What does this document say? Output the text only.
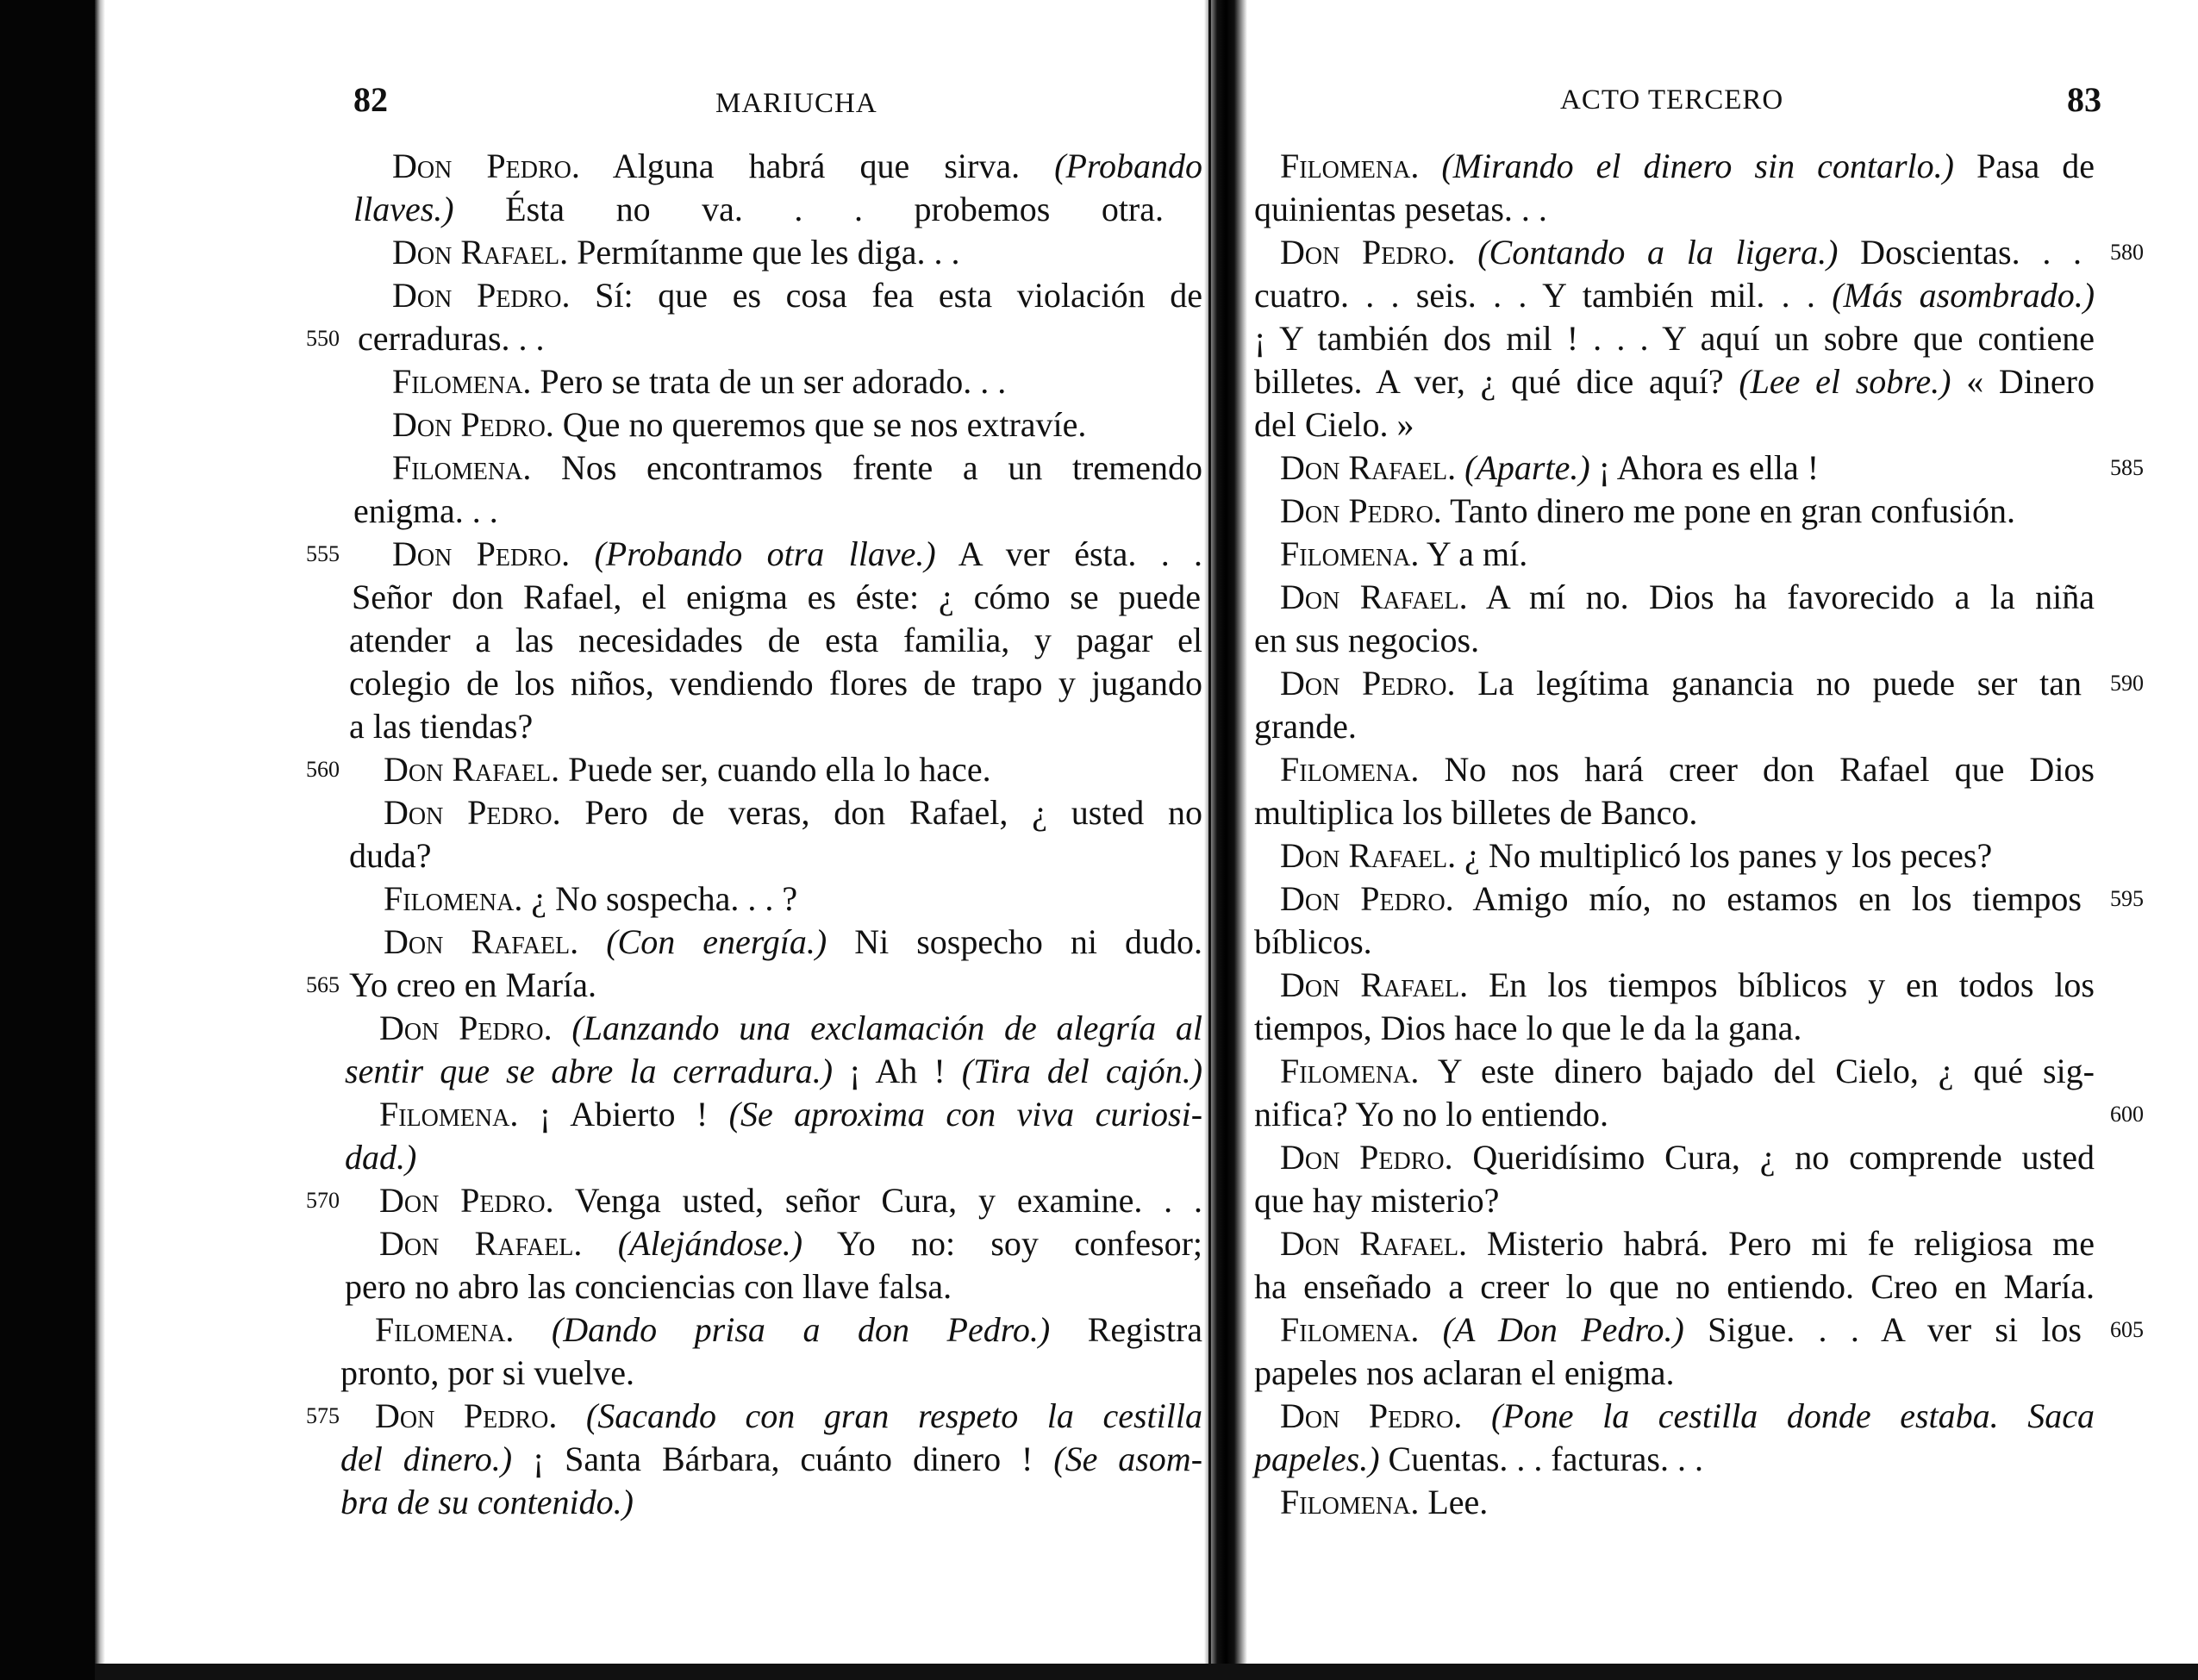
82	MARIUCHA	ACTO TERCERO	83
Don Pedro. Alguna habrá que sirva. (Probando
llaves.) Ésta no va. . . probemos otra.
Don Rafael. Permítanme que les diga. . .
Don Pedro. Sí: que es cosa fea esta violación de
cerraduras. . .
550
Filomena. Pero se trata de un ser adorado. . .
Don Pedro. Que no queremos que se nos extravíe.
Filomena. Nos encontramos frente a un tremendo
enigma. . .
Don Pedro. (Probando otra llave.) A ver ésta. . .
555
Señor don Rafael, el enigma es éste: ¿ cómo se puede
atender a las necesidades de esta familia, y pagar el
colegio de los niños, vendiendo flores de trapo y jugando
a las tiendas?
Don Rafael. Puede ser, cuando ella lo hace.
560
Don Pedro. Pero de veras, don Rafael, ¿ usted no
duda?
Filomena. ¿ No sospecha. . . ?
Don Rafael. (Con energía.) Ni sospecho ni dudo.
Yo creo en María.
565
Don Pedro. (Lanzando una exclamación de alegría al
sentir que se abre la cerradura.) ¡ Ah ! (Tira del cajón.)
Filomena. ¡ Abierto ! (Se aproxima con viva curiosi-
dad.)
Don Pedro. Venga usted, señor Cura, y examine. . .
570
Don Rafael. (Alejándose.) Yo no: soy confesor;
pero no abro las conciencias con llave falsa.
Filomena. (Dando prisa a don Pedro.) Registra
pronto, por si vuelve.
Don Pedro. (Sacando con gran respeto la cestilla
575
del dinero.) ¡ Santa Bárbara, cuánto dinero ! (Se asom-
bra de su contenido.)
Filomena. (Mirando el dinero sin contarlo.) Pasa de
quinientas pesetas. . .
Don Pedro. (Contando a la ligera.) Doscientas. . . 580
cuatro. . . seis. . . Y también mil. . . (Más asombrado.)
¡ Y también dos mil ! . . . Y aquí un sobre que contiene
billetes. A ver, ¿ qué dice aquí? (Lee el sobre.) « Dinero
del Cielo. »
Don Rafael. (Aparte.) ¡ Ahora es ella !	585
Don Pedro. Tanto dinero me pone en gran confusión.
Filomena. Y a mí.
Don Rafael. A mí no. Dios ha favorecido a la niña
en sus negocios.
Don Pedro. La legítima ganancia no puede ser tan 590
grande.
Filomena. No nos hará creer don Rafael que Dios
multiplica los billetes de Banco.
Don Rafael. ¿ No multiplicó los panes y los peces?
Don Pedro. Amigo mío, no estamos en los tiempos 595
bíblicos.
Don Rafael. En los tiempos bíblicos y en todos los
tiempos, Dios hace lo que le da la gana.
Filomena. Y este dinero bajado del Cielo, ¿ qué sig-
nifica? Yo no lo entiendo.	600
Don Pedro. Queridísimo Cura, ¿ no comprende usted
que hay misterio?
Don Rafael. Misterio habrá. Pero mi fe religiosa me
ha enseñado a creer lo que no entiendo. Creo en María.
Filomena. (A Don Pedro.) Sigue. . . A ver si los 605
papeles nos aclaran el enigma.
Don Pedro. (Pone la cestilla donde estaba. Saca
papeles.) Cuentas. . . facturas. . .
Filomena. Lee.
